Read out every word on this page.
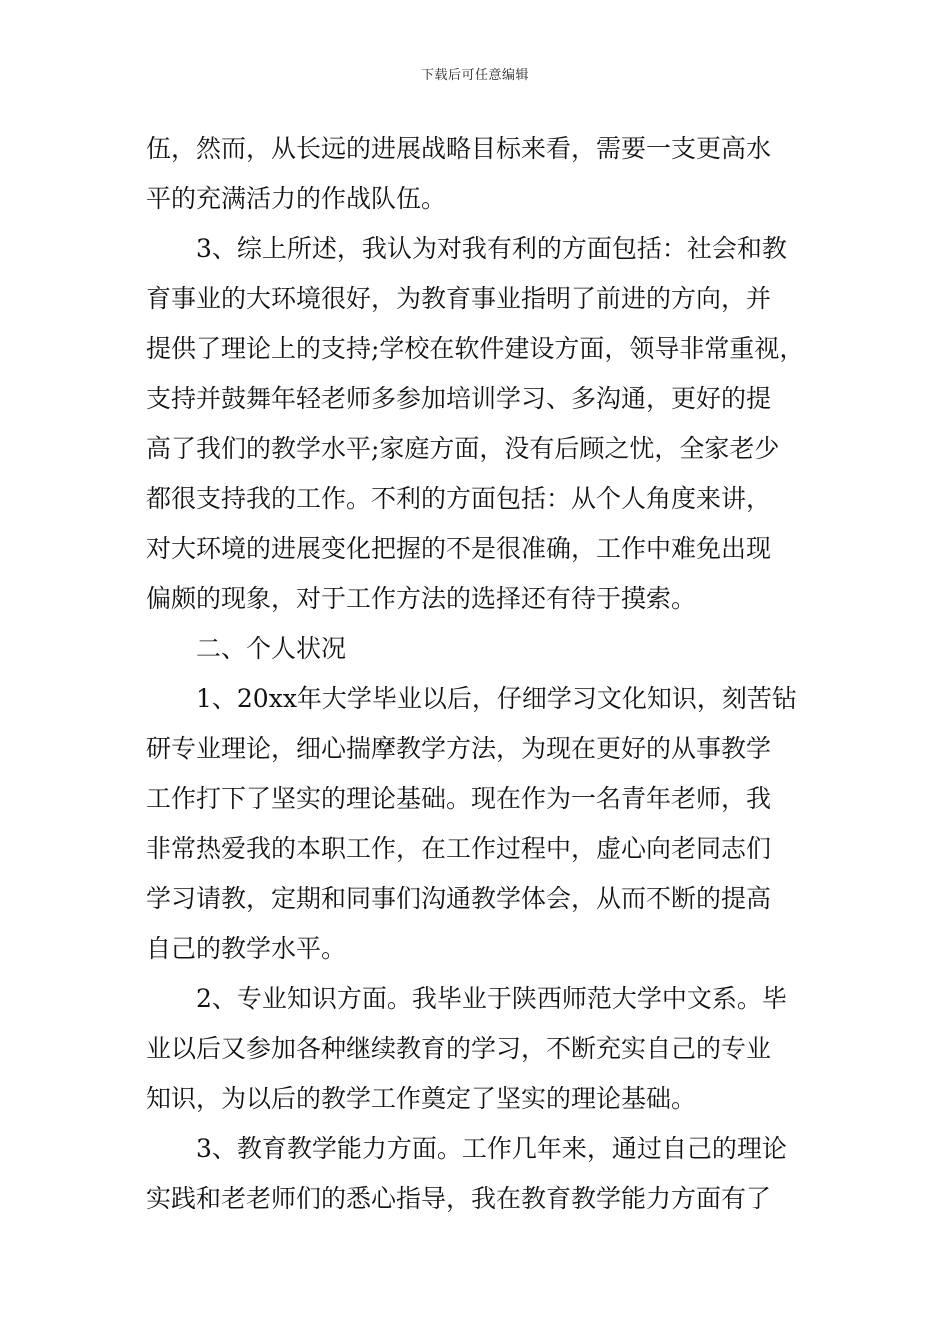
下载后可任意编辑
伍，然而，从长远的进展战略目标来看，需要一支更高水
平的充满活力的作战队伍。
3、综上所述，我认为对我有利的方面包括：社会和教
育事业的大环境很好，为教育事业指明了前进的方向，并
提供了理论上的支持;学校在软件建设方面，领导非常重视，
支持并鼓舞年轻老师多参加培训学习、多沟通，更好的提
高了我们的教学水平;家庭方面，没有后顾之忧，全家老少
都很支持我的工作。不利的方面包括：从个人角度来讲，
对大环境的进展变化把握的不是很准确，工作中难免出现
偏颇的现象，对于工作方法的选择还有待于摸索。
二、个人状况
1、20xx年大学毕业以后，仔细学习文化知识，刻苦钻
研专业理论，细心揣摩教学方法，为现在更好的从事教学
工作打下了坚实的理论基础。现在作为一名青年老师，我
非常热爱我的本职工作，在工作过程中，虚心向老同志们
学习请教，定期和同事们沟通教学体会，从而不断的提高
自己的教学水平。
2、专业知识方面。我毕业于陕西师范大学中文系。毕
业以后又参加各种继续教育的学习，不断充实自己的专业
知识，为以后的教学工作奠定了坚实的理论基础。
3、教育教学能力方面。工作几年来，通过自己的理论
实践和老老师们的悉心指导，我在教育教学能力方面有了
